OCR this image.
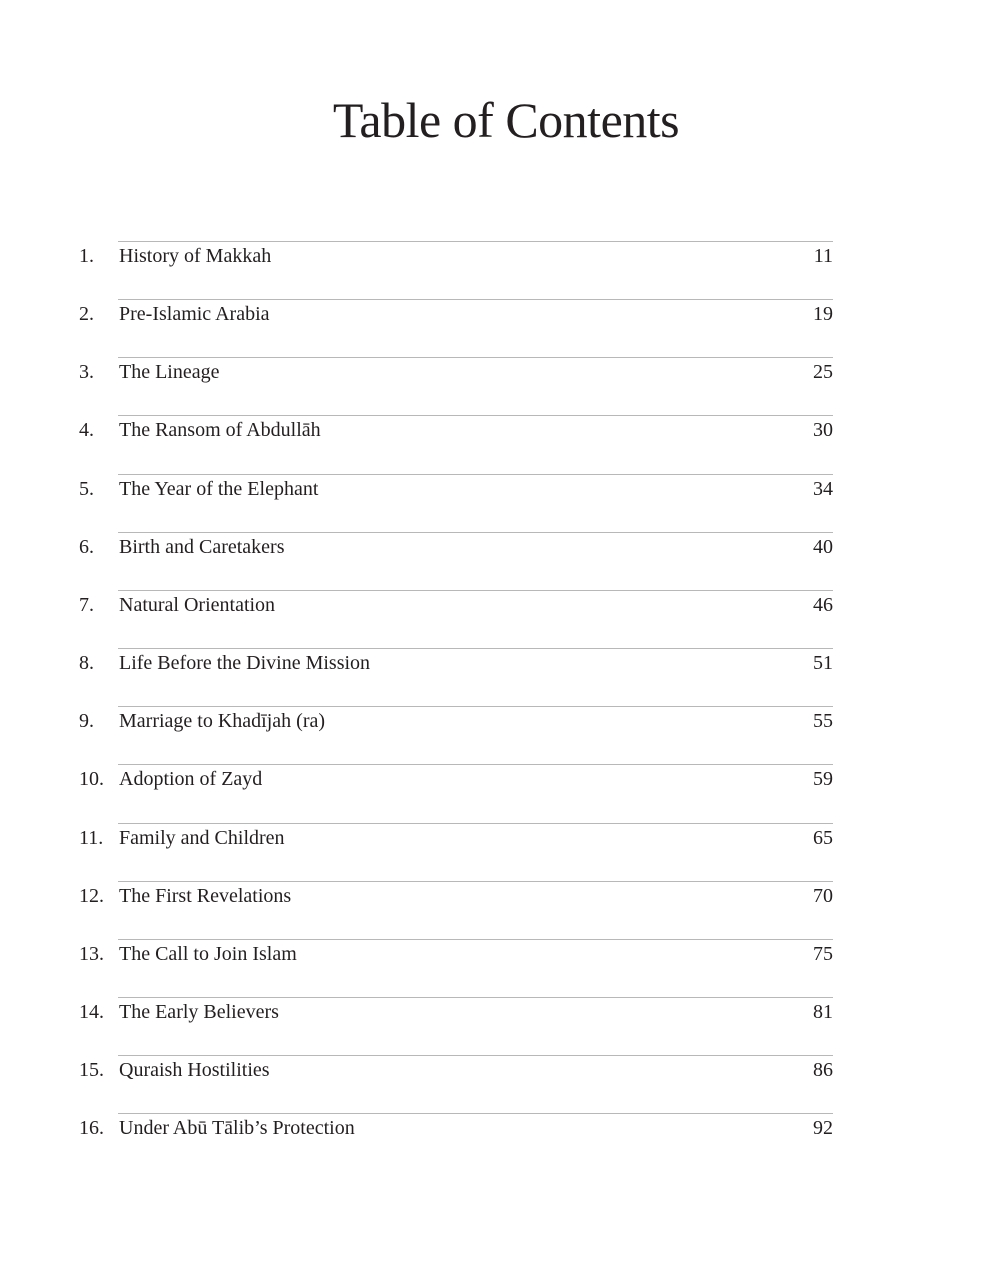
Table of Contents
1. History of Makkah	11
2. Pre-Islamic Arabia	19
3. The Lineage	25
4. The Ransom of Abdullāh	30
5. The Year of the Elephant	34
6. Birth and Caretakers	40
7. Natural Orientation	46
8. Life Before the Divine Mission	51
9. Marriage to Khadījah (ra)	55
10. Adoption of Zayd	59
11. Family and Children	65
12. The First Revelations	70
13. The Call to Join Islam	75
14. The Early Believers	81
15. Quraish Hostilities	86
16. Under Abū Tālib’s Protection	92
